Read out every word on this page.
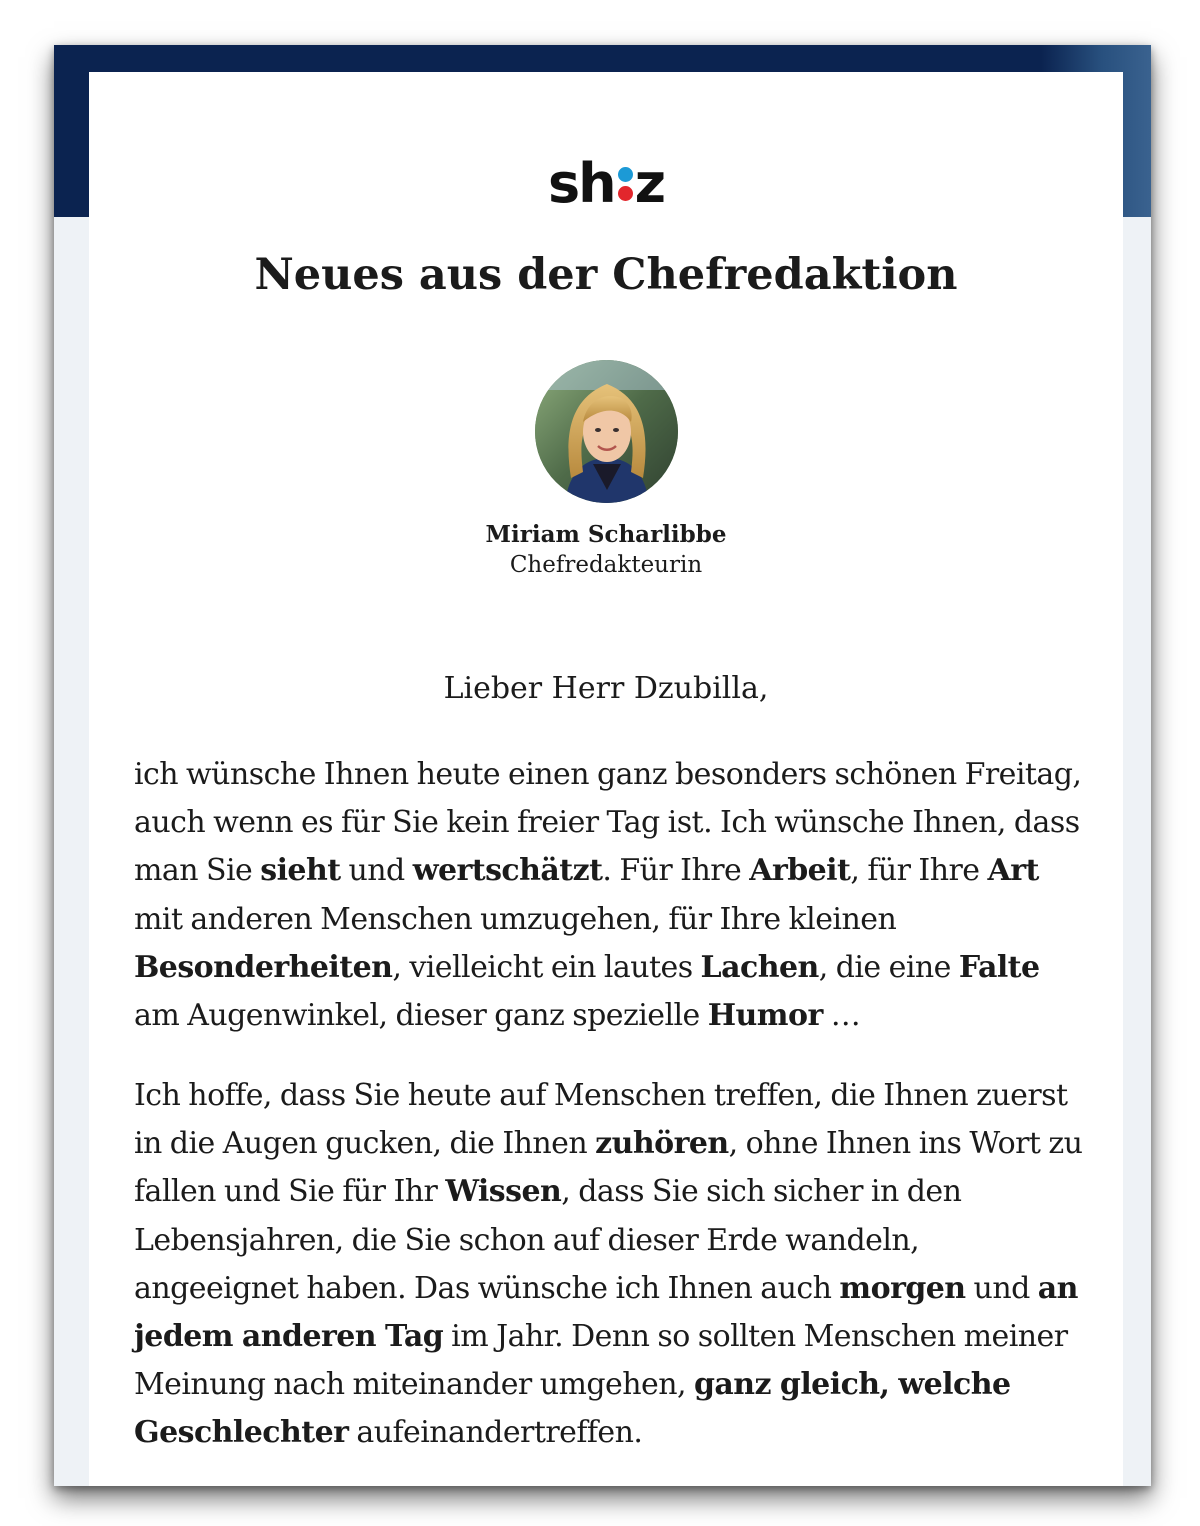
sh z
Neues aus der Chefredaktion
Miriam Scharlibbe
Chefredakteurin

Lieber Herr Dzubilla,

ich wünsche Ihnen heute einen ganz besonders schönen Freitag, auch wenn es für Sie kein freier Tag ist. Ich wünsche Ihnen, dass man Sie sieht und wertschätzt. Für Ihre Arbeit, für Ihre Art mit anderen Menschen umzugehen, für Ihre kleinen Besonderheiten, vielleicht ein lautes Lachen, die eine Falte am Augenwinkel, dieser ganz spezielle Humor …

Ich hoffe, dass Sie heute auf Menschen treffen, die Ihnen zuerst in die Augen gucken, die Ihnen zuhören, ohne Ihnen ins Wort zu fallen und Sie für Ihr Wissen, dass Sie sich sicher in den Lebensjahren, die Sie schon auf dieser Erde wandeln, angeeignet haben. Das wünsche ich Ihnen auch morgen und an jedem anderen Tag im Jahr. Denn so sollten Menschen meiner Meinung nach miteinander umgehen, ganz gleich, welche Geschlechter aufeinandertreffen.
